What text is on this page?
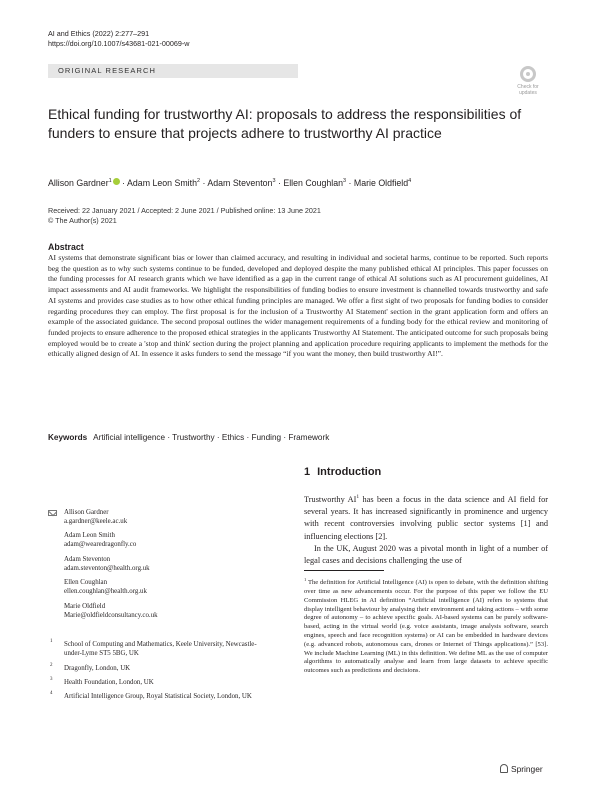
AI and Ethics (2022) 2:277–291
https://doi.org/10.1007/s43681-021-00069-w
ORIGINAL RESEARCH
Check for updates
Ethical funding for trustworthy AI: proposals to address the responsibilities of funders to ensure that projects adhere to trustworthy AI practice
Allison Gardner$^1$ · Adam Leon Smith$^2$ · Adam Steventon$^3$ · Ellen Coughlan$^3$ · Marie Oldfield$^4$
Received: 22 January 2021 / Accepted: 2 June 2021 / Published online: 13 June 2021
© The Author(s) 2021
Abstract
AI systems that demonstrate significant bias or lower than claimed accuracy, and resulting in individual and societal harms, continue to be reported. Such reports beg the question as to why such systems continue to be funded, developed and deployed despite the many published ethical AI principles. This paper focusses on the funding processes for AI research grants which we have identified as a gap in the current range of ethical AI solutions such as AI procurement guidelines, AI impact assessments and AI audit frameworks. We highlight the responsibilities of funding bodies to ensure investment is channelled towards trustworthy and safe AI systems and provides case studies as to how other ethical funding principles are managed. We offer a first sight of two proposals for funding bodies to consider regarding procedures they can employ. The first proposal is for the inclusion of a Trustworthy AI Statement' section in the grant application form and offers an example of the associated guidance. The second proposal outlines the wider management requirements of a funding body for the ethical review and monitoring of funded projects to ensure adherence to the proposed ethical strategies in the applicants Trustworthy AI Statement. The anticipated outcome for such proposals being employed would be to create a 'stop and think' section during the project planning and application procedure requiring applicants to implement the methods for the ethically aligned design of AI. In essence it asks funders to send the message “if you want the money, then build trustworthy AI!”.
Keywords Artificial intelligence · Trustworthy · Ethics · Funding · Framework
1 Introduction

Trustworthy $AI^1$ has been a focus in the data science and AI field for several years. It has increased significantly in prominence and urgency with recent controversies involving public sector systems [1] and influencing elections [2].

In the UK, August 2020 was a pivotal month in light of a number of legal cases and decisions challenging the use of

$^1$ The definition for Artificial Intelligence (AI) is open to debate, with the definition shifting over time as new advancements occur. For the purpose of this paper we follow the EU Commission HLEG in AI definition “Artificial intelligence (AI) refers to systems that display intelligent behaviour by analysing their environment and taking actions – with some degree of autonomy – to achieve specific goals. AI-based systems can be purely software-based, acting in the virtual world (e.g. voice assistants, image analysis software, search engines, speech and face recognition systems) or AI can be embedded in hardware devices (e.g. advanced robots, autonomous cars, drones or Internet of Things applications).” [53]. We include Machine Learning (ML) in this definition. We define ML as the use of computer algorithms to automatically analyse and learn from large datasets to achieve specific outcomes such as predictions and decisions.
Allison Gardner
a.gardner@keele.ac.uk
Adam Leon Smith
adam@wearedragonfly.co
Adam Steventon
adam.steventon@health.org.uk
Ellen Coughlan
ellen.coughlan@health.org.uk
Marie Oldfield
Marie@oldfieldconsultancy.co.uk
1 School of Computing and Mathematics, Keele University, Newcastle-under-Lyme ST5 5BG, UK
2 Dragonfly, London, UK
3 Health Foundation, London, UK
4 Artificial Intelligence Group, Royal Statistical Society, London, UK
Springer
